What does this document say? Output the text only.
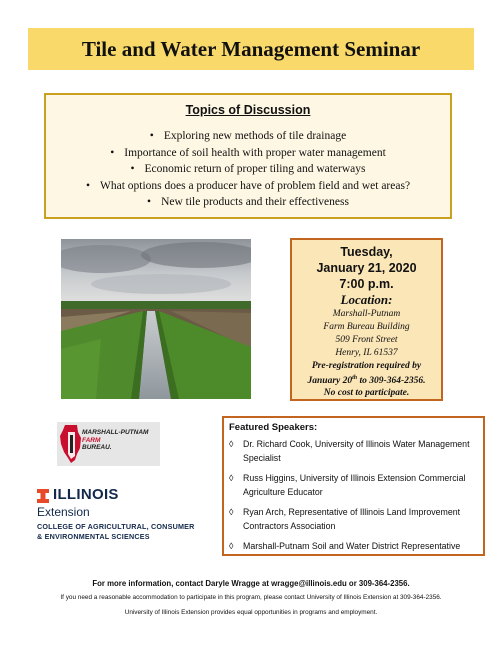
Tile and Water Management Seminar
Topics of Discussion
• Exploring new methods of tile drainage
• Importance of soil health with proper water management
• Economic return of proper tiling and waterways
• What options does a producer have of problem field and wet areas?
• New tile products and their effectiveness
Tuesday,
January 21, 2020
7:00 p.m.
Location:
Marshall-Putnam
Farm Bureau Building
509 Front Street
Henry, IL 61537
Pre-registration required by
January 20th to 309-364-2356.
No cost to participate.
MARSHALL-PUTNAM
FARM
BUREAU.
ILLINOIS
Extension
COLLEGE OF AGRICULTURAL, CONSUMER
& ENVIRONMENTAL SCIENCES
Featured Speakers:
◊ Dr. Richard Cook, University of Illinois Water Management Specialist
◊ Russ Higgins, University of Illinois Extension Commercial Agriculture Educator
◊ Ryan Arch, Representative of Illinois Land Improvement Contractors Association
◊ Marshall-Putnam Soil and Water District Representative
For more information, contact Daryle Wragge at wragge@illinois.edu or 309-364-2356.
If you need a reasonable accommodation to participate in this program, please contact University of Illinois Extension at 309-364-2356.
University of Illinois Extension provides equal opportunities in programs and employment.
